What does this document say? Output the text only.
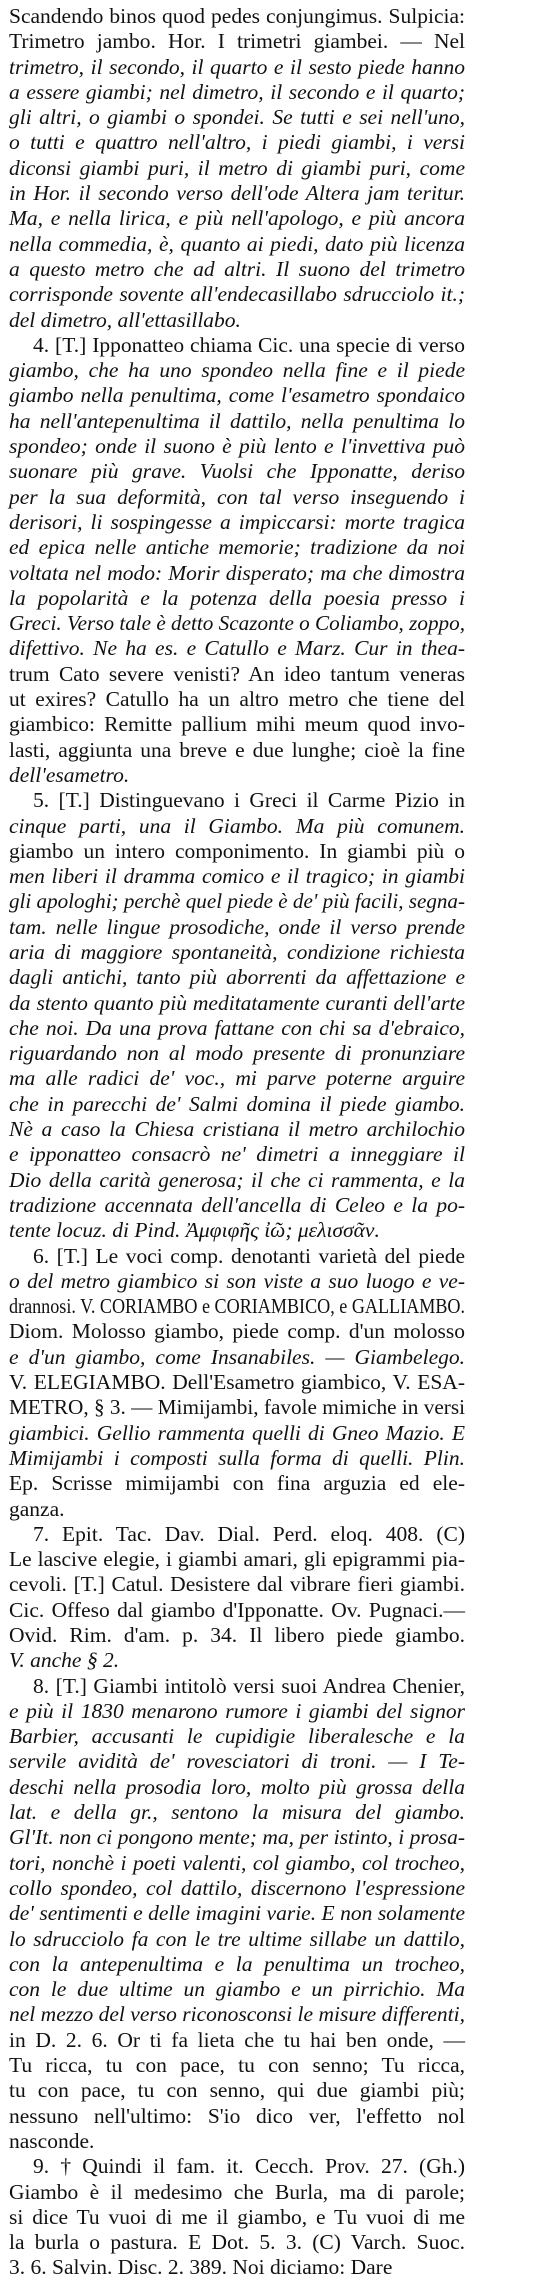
Scandendo binos quod pedes conjungimus. Sulpicia:
Trimetro jambo. Hor. I trimetri giambei. — Nel
trimetro, il secondo, il quarto e il sesto piede hanno
a essere giambi; nel dimetro, il secondo e il quarto;
gli altri, o giambi o spondei. Se tutti e sei nell'uno,
o tutti e quattro nell'altro, i piedi giambi, i versi
diconsi giambi puri, il metro di giambi puri, come
in Hor. il secondo verso dell'ode Altera jam teritur.
Ma, e nella lirica, e più nell'apologo, e più ancora
nella commedia, è, quanto ai piedi, dato più licenza
a questo metro che ad altri. Il suono del trimetro
corrisponde sovente all'endecasillabo sdrucciolo it.;
del dimetro, all'ettasillabo.
4. [T.] Ipponatteo chiama Cic. una specie di verso
giambo, che ha uno spondeo nella fine e il piede
giambo nella penultima, come l'esametro spondaico
ha nell'antepenultima il dattilo, nella penultima lo
spondeo; onde il suono è più lento e l'invettiva può
suonare più grave. Vuolsi che Ipponatte, deriso
per la sua deformità, con tal verso inseguendo i
derisori, li sospingesse a impiccarsi: morte tragica
ed epica nelle antiche memorie; tradizione da noi
voltata nel modo: Morir disperato; ma che dimostra
la popolarità e la potenza della poesia presso i
Greci. Verso tale è detto Scazonte o Coliambo, zoppo,
difettivo. Ne ha es. e Catullo e Marz. Cur in thea-
trum Cato severe venisti? An ideo tantum veneras
ut exires? Catullo ha un altro metro che tiene del
giambico: Remitte pallium mihi meum quod invo-
lasti, aggiunta una breve e due lunghe; cioè la fine
dell'esametro.
5. [T.] Distinguevano i Greci il Carme Pizio in
cinque parti, una il Giambo. Ma più comunem.
giambo un intero componimento. In giambi più o
men liberi il dramma comico e il tragico; in giambi
gli apologhi; perchè quel piede è de' più facili, segna-
tam. nelle lingue prosodiche, onde il verso prende
aria di maggiore spontaneità, condizione richiesta
dagli antichi, tanto più aborrenti da affettazione e
da stento quanto più meditatamente curanti dell'arte
che noi. Da una prova fattane con chi sa d'ebraico,
riguardando non al modo presente di pronunziare
ma alle radici de' voc., mi parve poterne arguire
che in parecchi de' Salmi domina il piede giambo.
Nè a caso la Chiesa cristiana il metro archilochio
e ipponatteo consacrò ne' dimetri a inneggiare il
Dio della carità generosa; il che ci rammenta, e la
tradizione accennata dell'ancella di Celeo e la po-
tente locuz. di Pind. Ἀμφιφῆς ἰῶ; μελισσᾶν.
6. [T.] Le voci comp. denotanti varietà del piede
o del metro giambico si son viste a suo luogo e ve-
drannosi. V. CORIAMBO e CORIAMBICO, e GALLIAMBO.
Diom. Molosso giambo, piede comp. d'un molosso
e d'un giambo, come Insanabiles. — Giambelego.
V. ELEGIAMBO. Dell'Esametro giambico, V. ESA-
METRO, § 3. — Mimijambi, favole mimiche in versi
giambici. Gellio rammenta quelli di Gneo Mazio. E
Mimijambi i composti sulla forma di quelli. Plin.
Ep. Scrisse mimijambi con fina arguzia ed ele-
ganza.
7. Epit. Tac. Dav. Dial. Perd. eloq. 408. (C)
Le lascive elegie, i giambi amari, gli epigrammi pia-
cevoli. [T.] Catul. Desistere dal vibrare fieri giambi.
Cic. Offeso dal giambo d'Ipponatte. Ov. Pugnaci.—
Ovid. Rim. d'am. p. 34. Il libero piede giambo.
V. anche § 2.
8. [T.] Giambi intitolò versi suoi Andrea Chenier,
e più il 1830 menarono rumore i giambi del signor
Barbier, accusanti le cupidigie liberalesche e la
servile avidità de' rovesciatori di troni. — I Te-
deschi nella prosodia loro, molto più grossa della
lat. e della gr., sentono la misura del giambo.
Gl'It. non ci pongono mente; ma, per istinto, i prosa-
tori, nonchè i poeti valenti, col giambo, col trocheo,
collo spondeo, col dattilo, discernono l'espressione
de' sentimenti e delle imagini varie. E non solamente
lo sdrucciolo fa con le tre ultime sillabe un dattilo,
con la antepenultima e la penultima un trocheo,
con le due ultime un giambo e un pirrichio. Ma
nel mezzo del verso riconosconsi le misure differenti,
in D. 2. 6. Or ti fa lieta che tu hai ben onde, —
Tu ricca, tu con pace, tu con senno; Tu ricca,
tu con pace, tu con senno, qui due giambi più;
nessuno nell'ultimo: S'io dico ver, l'effetto nol
nasconde.
9. † Quindi il fam. it. Cecch. Prov. 27. (Gh.)
Giambo è il medesimo che Burla, ma di parole;
si dice Tu vuoi di me il giambo, e Tu vuoi di me
la burla o pastura. E Dot. 5. 3. (C) Varch. Suoc.
3. 6. Salvin. Disc. 2. 389. Noi diciamo: Dare
